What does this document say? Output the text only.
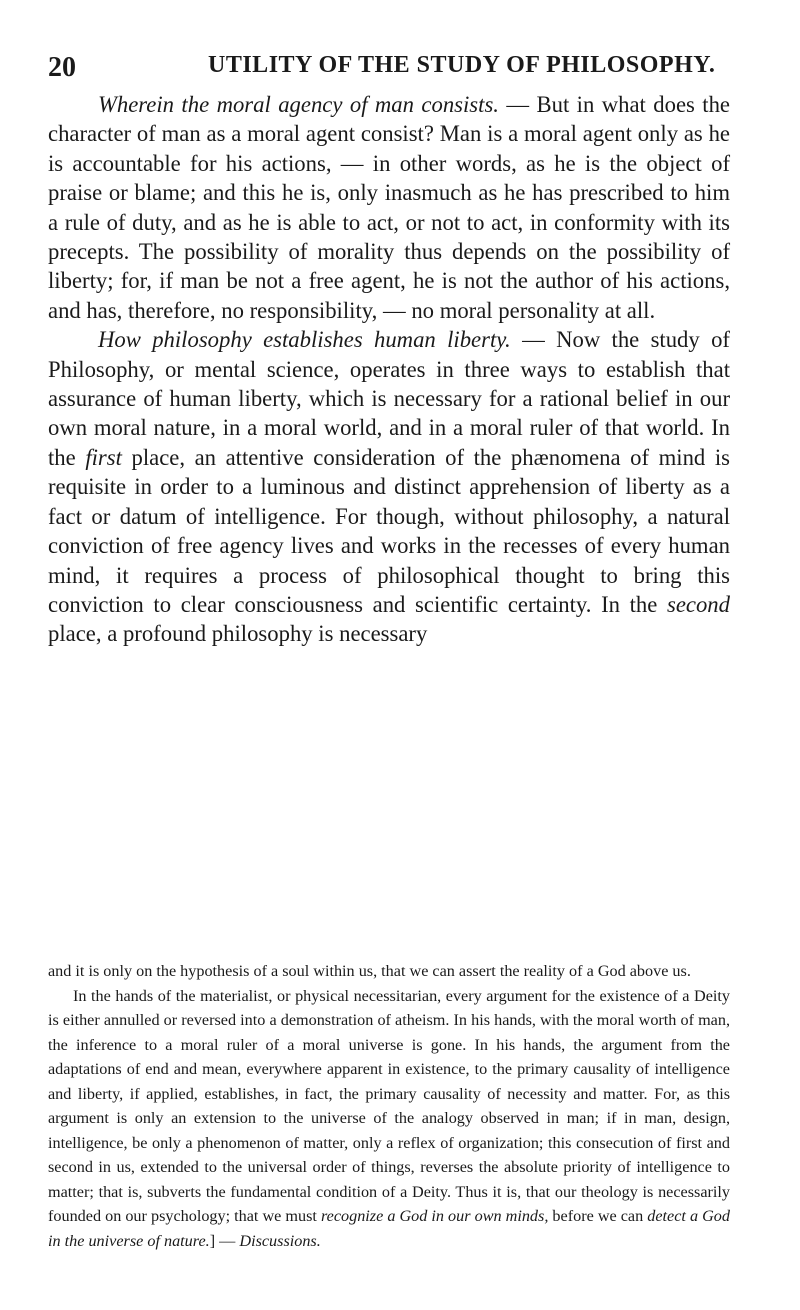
20	UTILITY OF THE STUDY OF PHILOSOPHY.

Wherein the moral agency of man consists. — But in what does the character of man as a moral agent consist? Man is a moral agent only as he is accountable for his actions, — in other words, as he is the object of praise or blame; and this he is, only inasmuch as he has prescribed to him a rule of duty, and as he is able to act, or not to act, in conformity with its precepts. The possibility of morality thus depends on the possibility of liberty; for, if man be not a free agent, he is not the author of his actions, and has, therefore, no responsibility, — no moral personality at all.

How philosophy establishes human liberty. — Now the study of Philosophy, or mental science, operates in three ways to establish that assurance of human liberty, which is necessary for a rational belief in our own moral nature, in a moral world, and in a moral ruler of that world. In the first place, an attentive consideration of the phænomena of mind is requisite in order to a luminous and distinct apprehension of liberty as a fact or datum of intelligence. For though, without philosophy, a natural conviction of free agency lives and works in the recesses of every human mind, it requires a process of philosophical thought to bring this conviction to clear consciousness and scientific certainty. In the second place, a profound philosophy is necessary

and it is only on the hypothesis of a soul within us, that we can assert the reality of a God above us.

In the hands of the materialist, or physical necessitarian, every argument for the existence of a Deity is either annulled or reversed into a demonstration of atheism. In his hands, with the moral worth of man, the inference to a moral ruler of a moral universe is gone. In his hands, the argument from the adaptations of end and mean, everywhere apparent in existence, to the primary causality of intelligence and liberty, if applied, establishes, in fact, the primary causality of necessity and matter. For, as this argument is only an extension to the universe of the analogy observed in man; if in man, design, intelligence, be only a phenomenon of matter, only a reflex of organization; this consecution of first and second in us, extended to the universal order of things, reverses the absolute priority of intelligence to matter; that is, subverts the fundamental condition of a Deity. Thus it is, that our theology is necessarily founded on our psychology; that we must recognize a God in our own minds, before we can detect a God in the universe of nature.] — Discussions.
